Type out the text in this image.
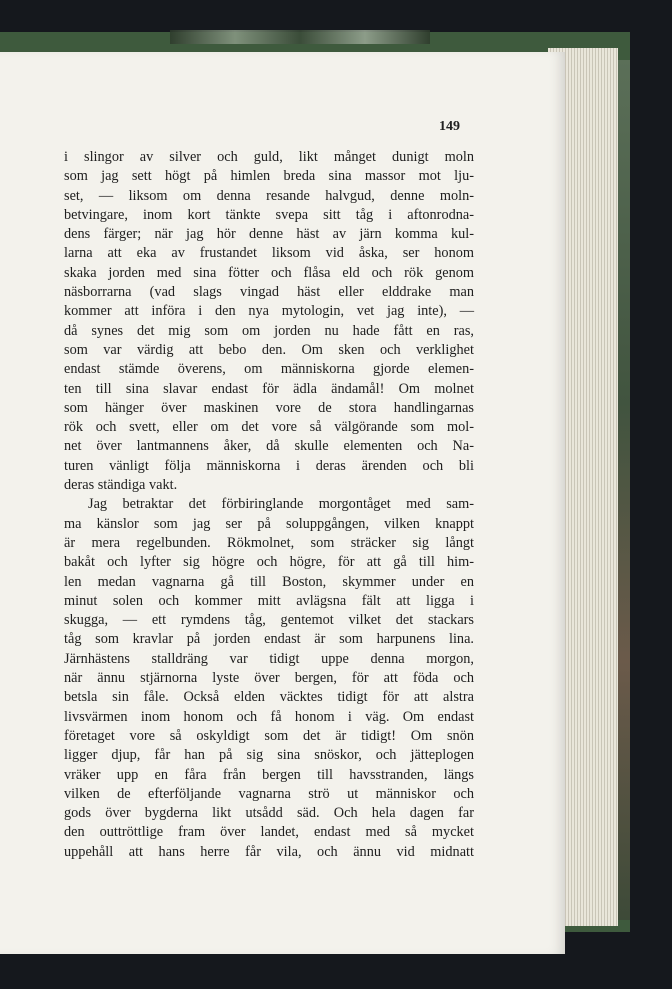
149
i slingor av silver och guld, likt månget dunigt moln
som jag sett högt på himlen breda sina massor mot lju-
set, — liksom om denna resande halvgud, denne moln-
betvingare, inom kort tänkte svepa sitt tåg i aftonrodna-
dens färger; när jag hör denne häst av järn komma kul-
larna att eka av frustandet liksom vid åska, ser honom
skaka jorden med sina fötter och flåsa eld och rök genom
näsborrarna (vad slags vingad häst eller elddrake man
kommer att införa i den nya mytologin, vet jag inte), —
då synes det mig som om jorden nu hade fått en ras,
som var värdig att bebo den. Om sken och verklighet
endast stämde överens, om människorna gjorde elemen-
ten till sina slavar endast för ädla ändamål! Om molnet
som hänger över maskinen vore de stora handlingarnas
rök och svett, eller om det vore så välgörande som mol-
net över lantmannens åker, då skulle elementen och Na-
turen vänligt följa människorna i deras ärenden och bli
deras ständiga vakt.
Jag betraktar det förbiringlande morgontåget med sam-
ma känslor som jag ser på soluppgången, vilken knappt
är mera regelbunden. Rökmolnet, som sträcker sig långt
bakåt och lyfter sig högre och högre, för att gå till him-
len medan vagnarna gå till Boston, skymmer under en
minut solen och kommer mitt avlägsna fält att ligga i
skugga, — ett rymdens tåg, gentemot vilket det stackars
tåg som kravlar på jorden endast är som harpunens lina.
Järnhästens stalldräng var tidigt uppe denna morgon,
när ännu stjärnorna lyste över bergen, för att föda och
betsla sin fåle. Också elden väcktes tidigt för att alstra
livsvärmen inom honom och få honom i väg. Om endast
företaget vore så oskyldigt som det är tidigt! Om snön
ligger djup, får han på sig sina snöskor, och jätteplogen
vräker upp en fåra från bergen till havsstranden, längs
vilken de efterföljande vagnarna strö ut människor och
gods över bygderna likt utsådd säd. Och hela dagen far
den outtröttlige fram över landet, endast med så mycket
uppehåll att hans herre får vila, och ännu vid midnatt
